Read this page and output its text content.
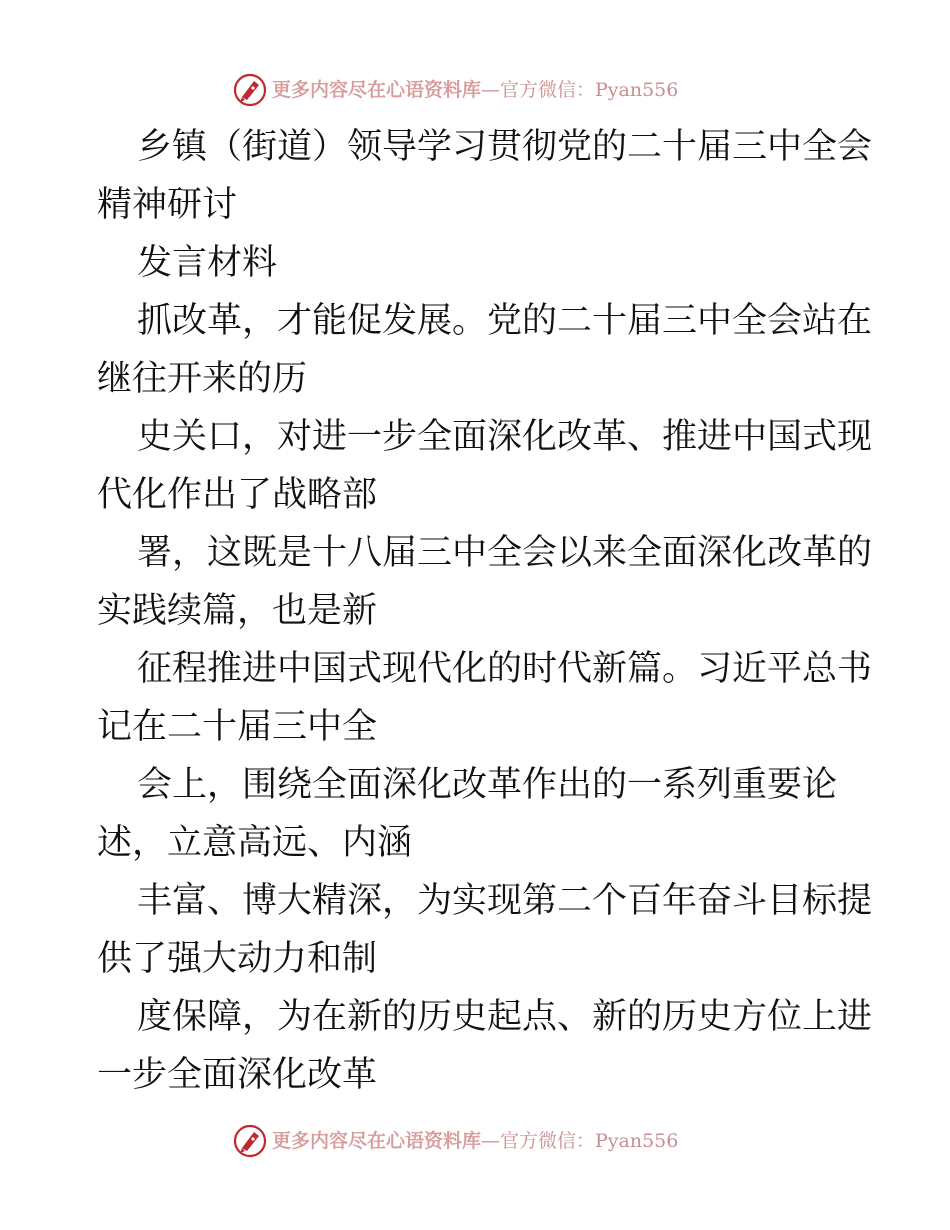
更多内容尽在心语资料库—官方微信：Pyan556
乡镇（街道）领导学习贯彻党的二十届三中全会
精神研讨
发言材料
抓改革，才能促发展。党的二十届三中全会站在
继往开来的历
史关口，对进一步全面深化改革、推进中国式现
代化作出了战略部
署，这既是十八届三中全会以来全面深化改革的
实践续篇，也是新
征程推进中国式现代化的时代新篇。习近平总书
记在二十届三中全
会上，围绕全面深化改革作出的一系列重要论
述，立意高远、内涵
丰富、博大精深，为实现第二个百年奋斗目标提
供了强大动力和制
度保障，为在新的历史起点、新的历史方位上进
一步全面深化改革
更多内容尽在心语资料库—官方微信：Pyan556
